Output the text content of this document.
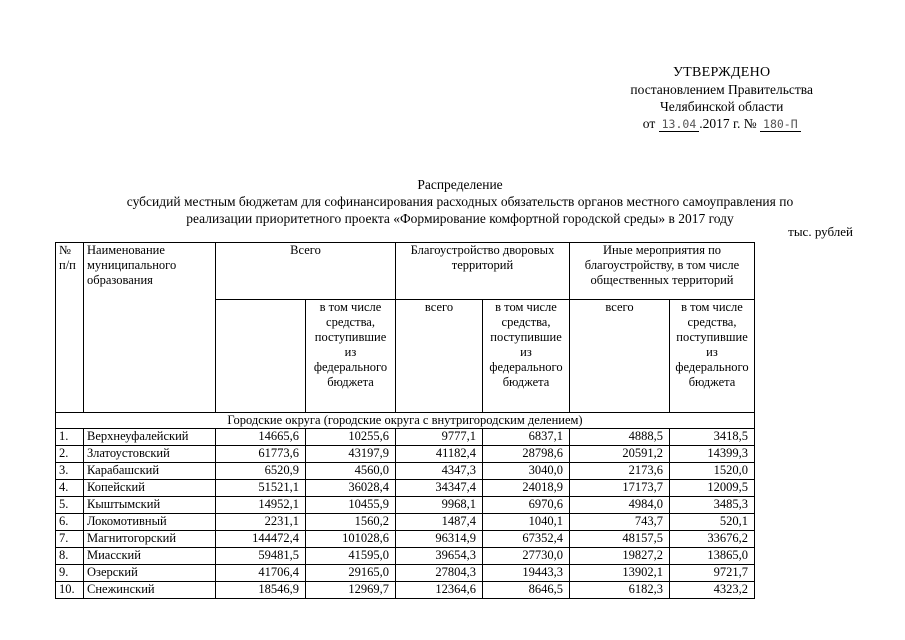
УТВЕРЖДЕНО
постановлением Правительства
Челябинской области
от 13.04 .2017 г. № 180-П
Распределение
субсидий местным бюджетам для софинансирования расходных обязательств органов местного самоуправления по
реализации приоритетного проекта «Формирование комфортной городской среды» в 2017 году
тыс. рублей
№ п/п	Наименование муниципального образования	Всего		Благоустройство дворовых территорий		Иные мероприятия по благоустройству, в том числе общественных территорий	
			в том числе средства, поступившие из федерального бюджета	всего	в том числе средства, поступившие из федерального бюджета	всего	в том числе средства, поступившие из федерального бюджета
Городские округа (городские округа с внутригородским делением)							
1.	Верхнеуфалейский	14665,6	10255,6	9777,1	6837,1	4888,5	3418,5
2.	Златоустовский	61773,6	43197,9	41182,4	28798,6	20591,2	14399,3
3.	Карабашский	6520,9	4560,0	4347,3	3040,0	2173,6	1520,0
4.	Копейский	51521,1	36028,4	34347,4	24018,9	17173,7	12009,5
5.	Кыштымский	14952,1	10455,9	9968,1	6970,6	4984,0	3485,3
6.	Локомотивный	2231,1	1560,2	1487,4	1040,1	743,7	520,1
7.	Магнитогорский	144472,4	101028,6	96314,9	67352,4	48157,5	33676,2
8.	Миасский	59481,5	41595,0	39654,3	27730,0	19827,2	13865,0
9.	Озерский	41706,4	29165,0	27804,3	19443,3	13902,1	9721,7
10.	Снежинский	18546,9	12969,7	12364,6	8646,5	6182,3	4323,2
